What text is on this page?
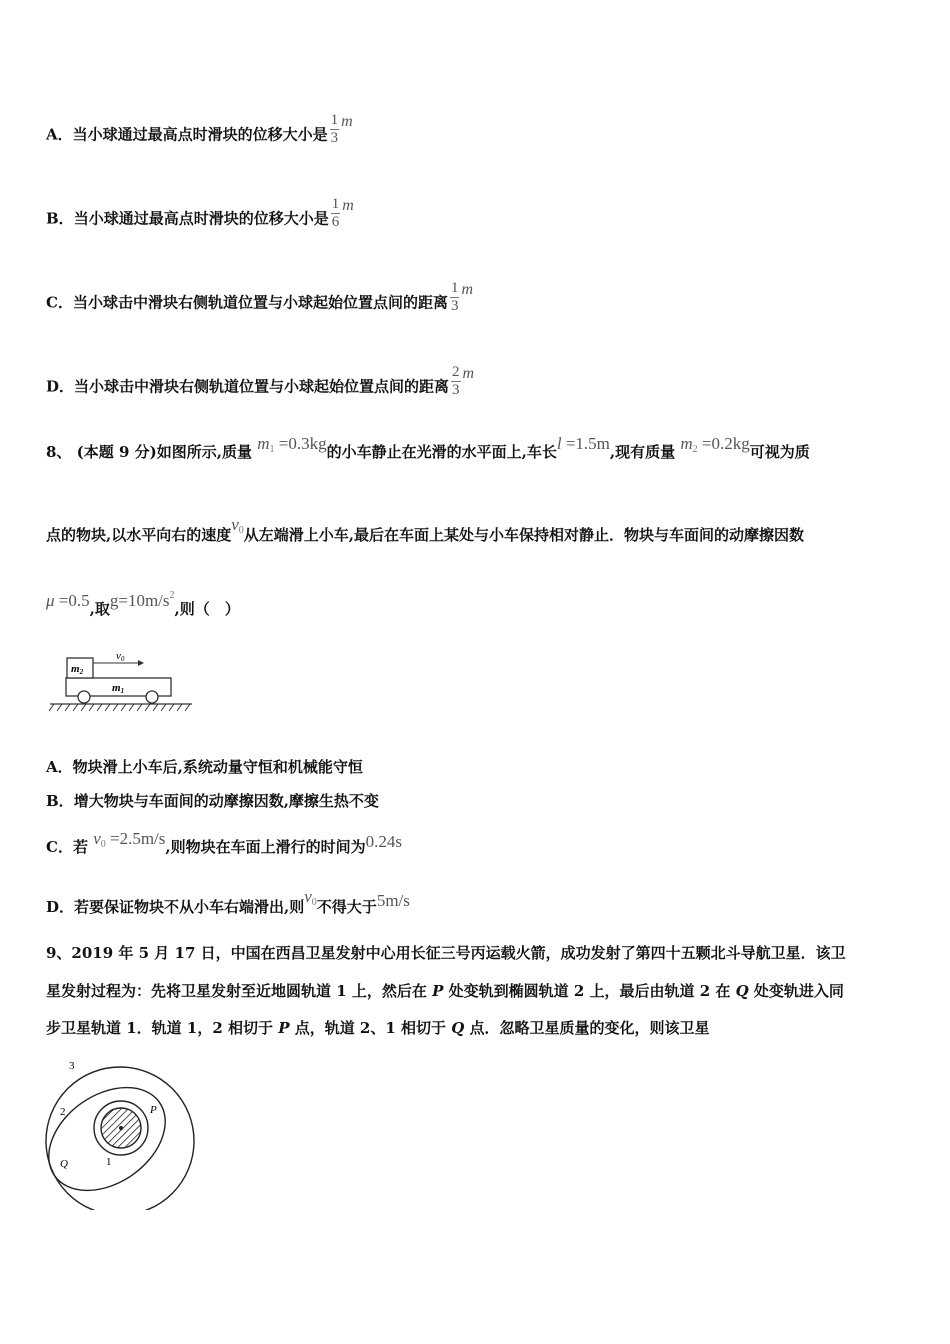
A．当小球通过最高点时滑块的位移大小是 $\frac{1}{3}$ m
B．当小球通过最高点时滑块的位移大小是 $\frac{1}{6}$ m
C．当小球击中滑块右侧轨道位置与小球起始位置点间的距离 $\frac{1}{3}$ m
D．当小球击中滑块右侧轨道位置与小球起始位置点间的距离 $\frac{2}{3}$ m
8、 (本题 9 分)如图所示,质量 $m_1 =0.3kg$的小车静止在光滑的水平面上,车长l =1.5m,现有质量 $m_2 =0.2kg$可视为质
点的物块,以水平向右的速度$v_0$从左端滑上小车,最后在车面上某处与小车保持相对静止．物块与车面间的动摩擦因数
μ =0.5,取$g=10m/s^2$,则（　）
v0
m2
m1
A．物块滑上小车后,系统动量守恒和机械能守恒
B．增大物块与车面间的动摩擦因数,摩擦生热不变
C．若 $v_0 =2.5m/s$,则物块在车面上滑行的时间为0.24s
D．若要保证物块不从小车右端滑出,则$v_0$不得大于5m/s
9、2019 年 5 月 17 日，中国在西昌卫星发射中心用长征三号丙运载火箭，成功发射了第四十五颗北斗导航卫星．该卫
星发射过程为：先将卫星发射至近地圆轨道 1 上，然后在 P 处变轨到椭圆轨道 2 上，最后由轨道 2 在 Q 处变轨进入同
步卫星轨道 1．轨道 1，2 相切于 P 点，轨道 2、1 相切于 Q 点．忽略卫星质量的变化，则该卫星
3
2
1
P
Q
